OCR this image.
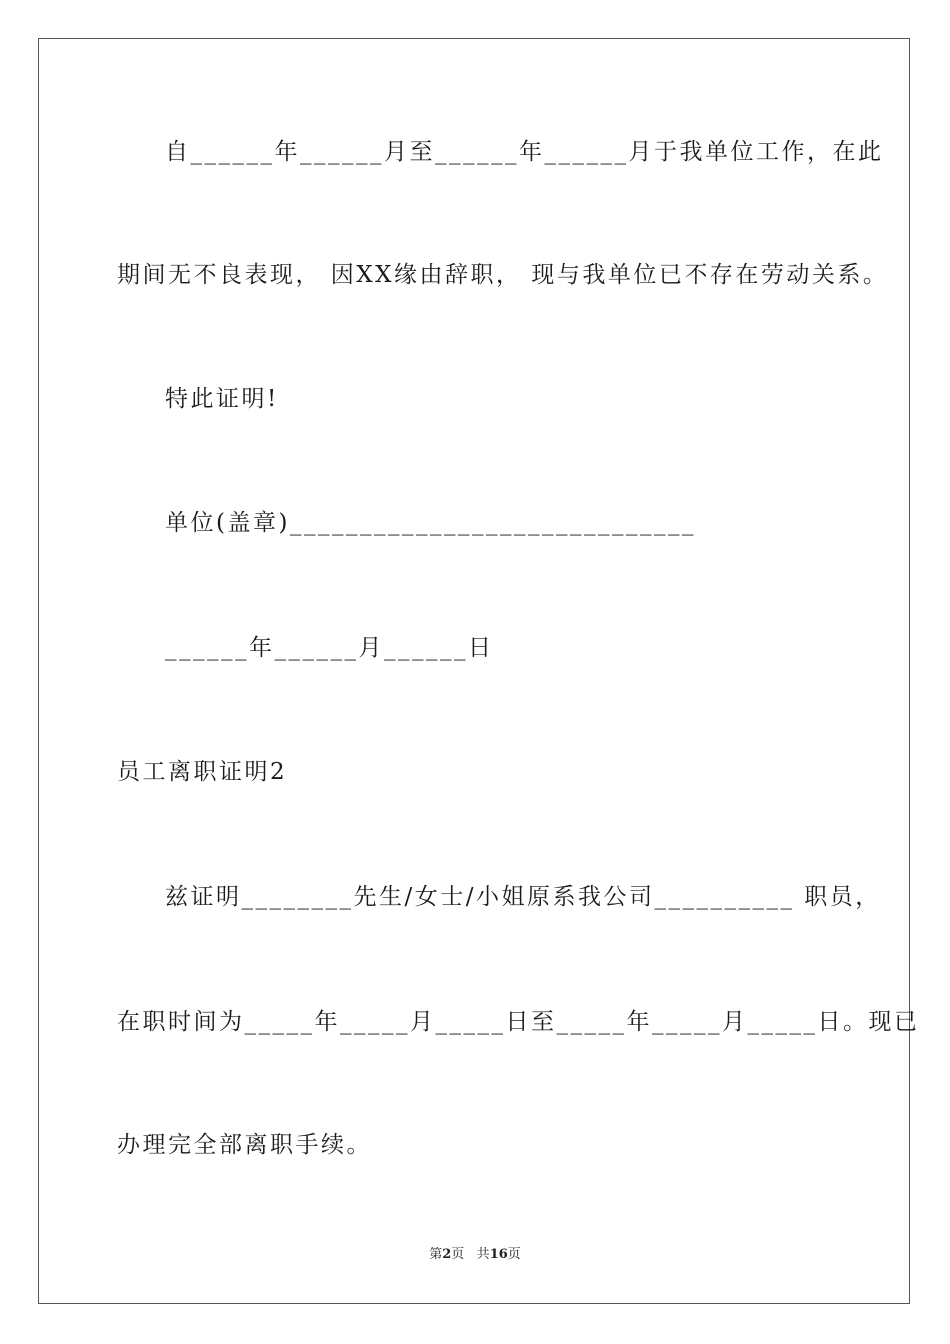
自______年______月至______年______月于我单位工作，在此
期间无不良表现， 因XX缘由辞职， 现与我单位已不存在劳动关系。
特此证明!
单位(盖章)_____________________________
______年______月______日
员工离职证明2
兹证明________先生/女士/小姐原系我公司__________ 职员，
在职时间为_____年_____月_____日至_____年_____月_____日。现已
办理完全部离职手续。
第2页 共16页
